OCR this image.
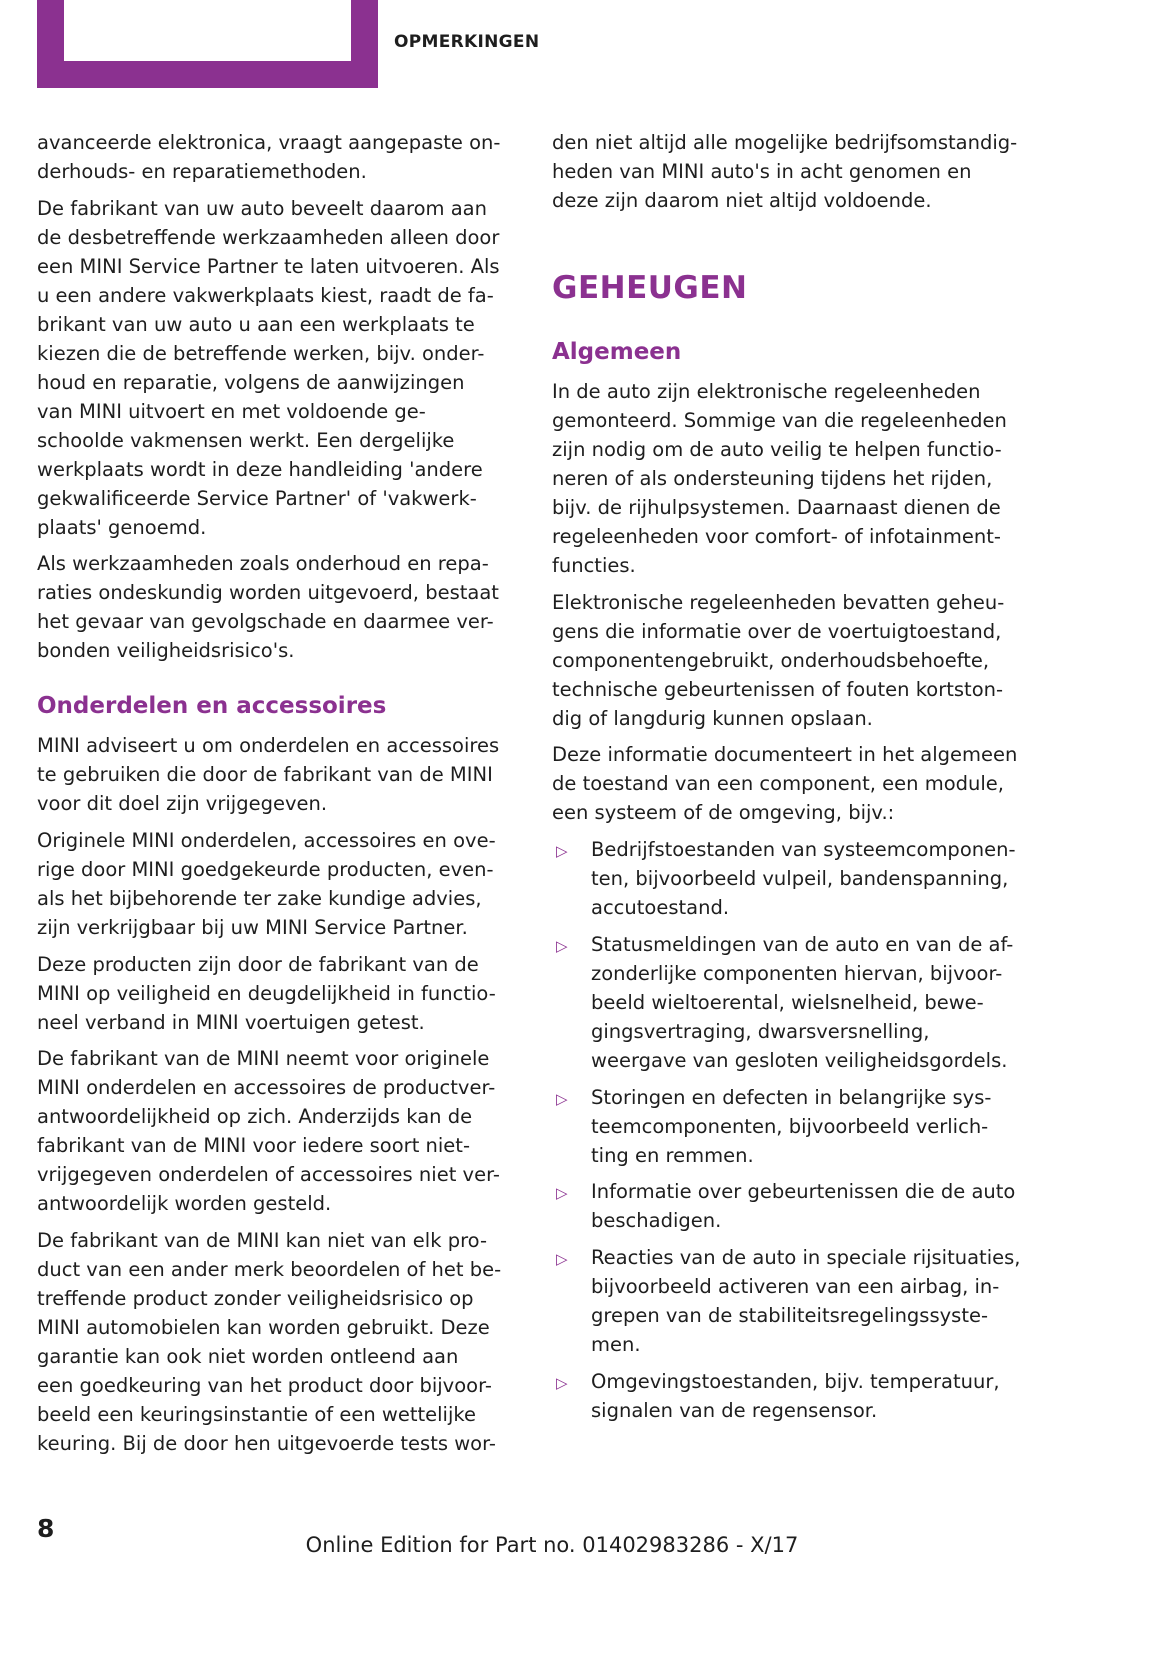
OPMERKINGEN
avanceerde elektronica, vraagt aangepaste on-
derhouds- en reparatiemethoden.
De fabrikant van uw auto beveelt daarom aan
de desbetreffende werkzaamheden alleen door
een MINI Service Partner te laten uitvoeren. Als
u een andere vakwerkplaats kiest, raadt de fa-
brikant van uw auto u aan een werkplaats te
kiezen die de betreffende werken, bijv. onder-
houd en reparatie, volgens de aanwijzingen
van MINI uitvoert en met voldoende ge-
schoolde vakmensen werkt. Een dergelijke
werkplaats wordt in deze handleiding 'andere
gekwalificeerde Service Partner' of 'vakwerk-
plaats' genoemd.
Als werkzaamheden zoals onderhoud en repa-
raties ondeskundig worden uitgevoerd, bestaat
het gevaar van gevolgschade en daarmee ver-
bonden veiligheidsrisico's.
Onderdelen en accessoires
MINI adviseert u om onderdelen en accessoires
te gebruiken die door de fabrikant van de MINI
voor dit doel zijn vrijgegeven.
Originele MINI onderdelen, accessoires en ove-
rige door MINI goedgekeurde producten, even-
als het bijbehorende ter zake kundige advies,
zijn verkrijgbaar bij uw MINI Service Partner.
Deze producten zijn door de fabrikant van de
MINI op veiligheid en deugdelijkheid in functio-
neel verband in MINI voertuigen getest.
De fabrikant van de MINI neemt voor originele
MINI onderdelen en accessoires de productver-
antwoordelijkheid op zich. Anderzijds kan de
fabrikant van de MINI voor iedere soort niet-
vrijgegeven onderdelen of accessoires niet ver-
antwoordelijk worden gesteld.
De fabrikant van de MINI kan niet van elk pro-
duct van een ander merk beoordelen of het be-
treffende product zonder veiligheidsrisico op
MINI automobielen kan worden gebruikt. Deze
garantie kan ook niet worden ontleend aan
een goedkeuring van het product door bijvoor-
beeld een keuringsinstantie of een wettelijke
keuring. Bij de door hen uitgevoerde tests wor-
den niet altijd alle mogelijke bedrijfsomstandig-
heden van MINI auto's in acht genomen en
deze zijn daarom niet altijd voldoende.
GEHEUGEN
Algemeen
In de auto zijn elektronische regeleenheden
gemonteerd. Sommige van die regeleenheden
zijn nodig om de auto veilig te helpen functio-
neren of als ondersteuning tijdens het rijden,
bijv. de rijhulpsystemen. Daarnaast dienen de
regeleenheden voor comfort- of infotainment-
functies.
Elektronische regeleenheden bevatten geheu-
gens die informatie over de voertuigtoestand,
componentengebruikt, onderhoudsbehoefte,
technische gebeurtenissen of fouten kortston-
dig of langdurig kunnen opslaan.
Deze informatie documenteert in het algemeen
de toestand van een component, een module,
een systeem of de omgeving, bijv.:
▷ Bedrijfstoestanden van systeemcomponen-
ten, bijvoorbeeld vulpeil, bandenspanning,
accutoestand.
▷ Statusmeldingen van de auto en van de af-
zonderlijke componenten hiervan, bijvoor-
beeld wieltoerental, wielsnelheid, bewe-
gingsvertraging, dwarsversnelling,
weergave van gesloten veiligheidsgordels.
▷ Storingen en defecten in belangrijke sys-
teemcomponenten, bijvoorbeeld verlich-
ting en remmen.
▷ Informatie over gebeurtenissen die de auto
beschadigen.
▷ Reacties van de auto in speciale rijsituaties,
bijvoorbeeld activeren van een airbag, in-
grepen van de stabiliteitsregelingssyste-
men.
▷ Omgevingstoestanden, bijv. temperatuur,
signalen van de regensensor.
8
Online Edition for Part no. 01402983286 - X/17
